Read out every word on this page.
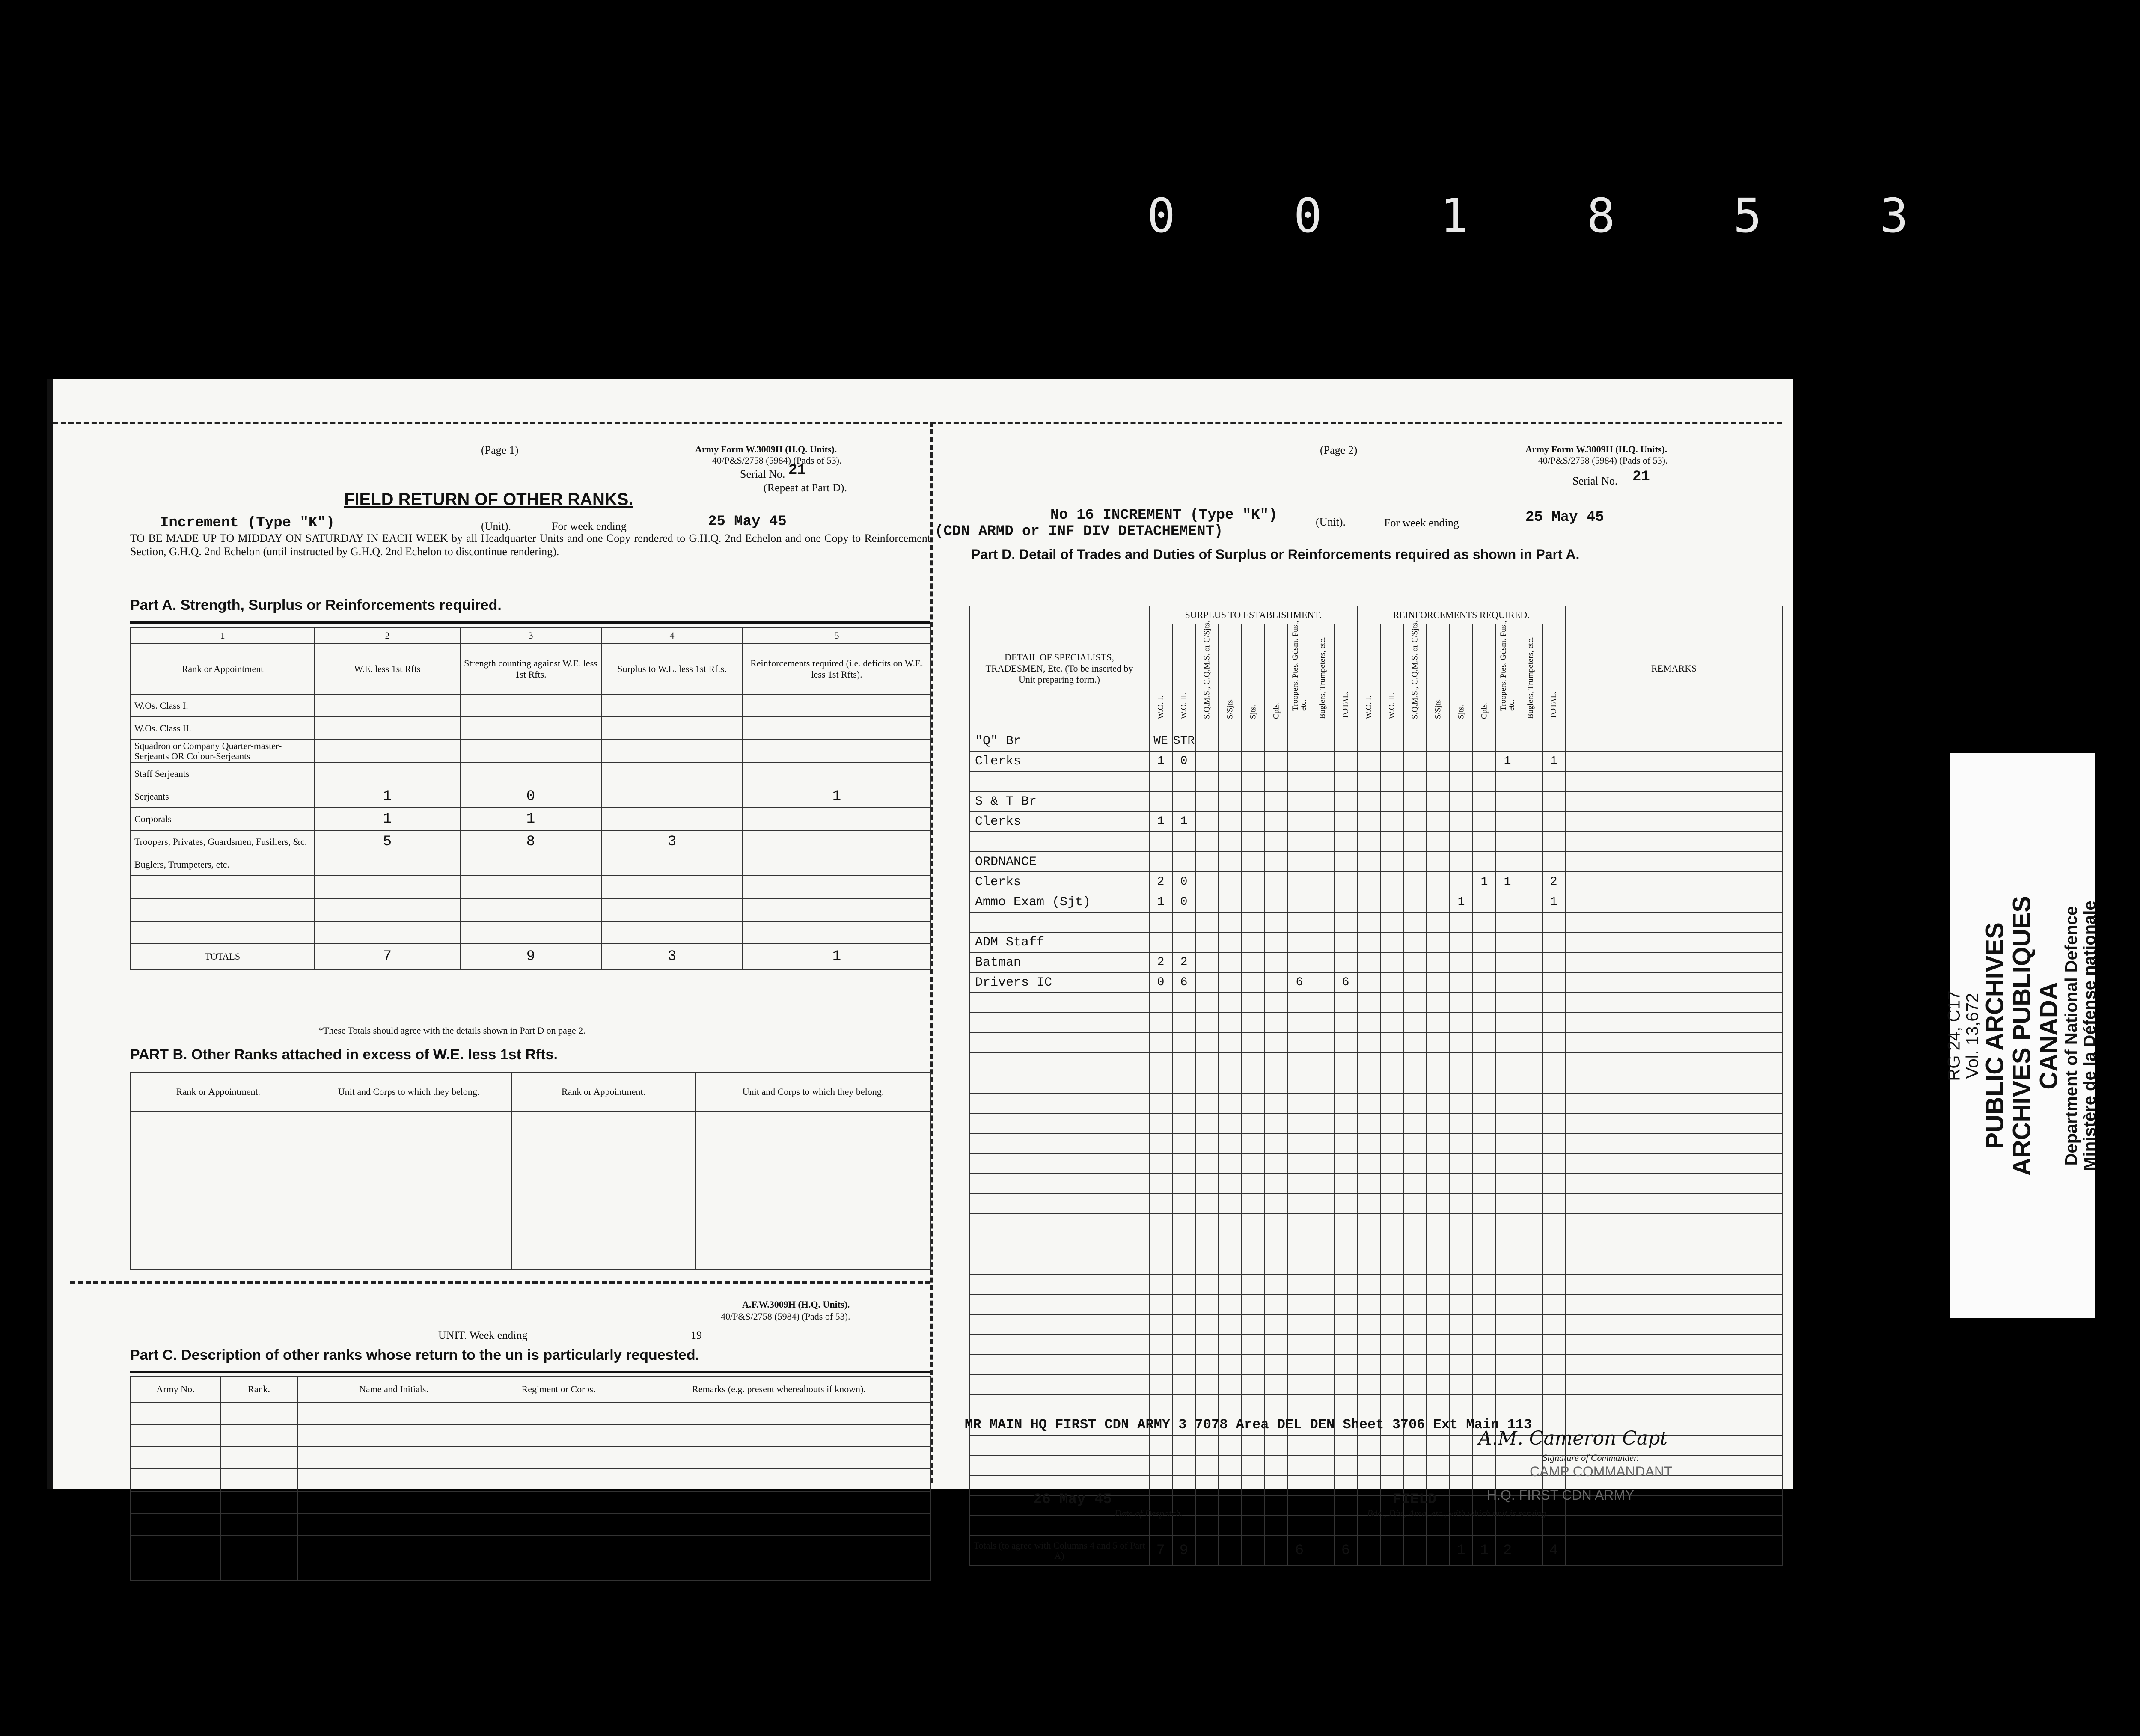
0 0 1 8 5 3
(Page 1)	Army Form W.3009H (H.Q. Units).
40/P&S/2758 (5984) (Pads of 53).
Serial No. 21
(Repeat at Part D).
FIELD RETURN OF OTHER RANKS.
Increment (Type "K")	(Unit).	For week ending	25 May 45
TO BE MADE UP TO MIDDAY ON SATURDAY IN EACH WEEK by all Headquarter Units and one Copy rendered to G.H.Q. 2nd Echelon and one Copy to Reinforcement Section, G.H.Q. 2nd Echelon (until instructed by G.H.Q. 2nd Echelon to discontinue rendering).
Part A. Strength, Surplus or Reinforcements required.
1	2	3	4	5
Rank or Appointment	W.E. less 1st Rfts	Strength counting against W.E. less 1st Rfts.	Surplus to W.E. less 1st Rfts.	Reinforcements required (i.e. deficits on W.E. less 1st Rfts).
W.Os. Class I.				
W.Os. Class II.				
Squadron or Company Quarter-master-Serjeants OR Colour-Serjeants				
Staff Serjeants				
Serjeants	1	0		1
Corporals	1	1		
Troopers, Privates, Guardsmen, Fusiliers, &c.	5	8	3	
Buglers, Trumpeters, etc.				

TOTALS	7	9	3	1
*These Totals should agree with the details shown in Part D on page 2.
PART B. Other Ranks attached in excess of W.E. less 1st Rfts.
Rank or Appointment.	Unit and Corps to which they belong.	Rank or Appointment.	Unit and Corps to which they belong.

A.F.W.3009H (H.Q. Units).
40/P&S/2758 (5984) (Pads of 53).
UNIT. Week ending	19
Part C. Description of other ranks whose return to the un is particularly requested.
Army No.	Rank.	Name and Initials.	Regiment or Corps.	Remarks (e.g. present whereabouts if known).

(Page 2)	Army Form W.3009H (H.Q. Units).
40/P&S/2758 (5984) (Pads of 53).
Serial No. 21
No 16 INCREMENT (Type "K")
(CDN ARMD or INF DIV DETACHEMENT)
(Unit).	For week ending	25 May 45
Part D. Detail of Trades and Duties of Surplus or Reinforcements required as shown in Part A.
DETAIL OF SPECIALISTS, TRADESMEN, Etc. (To be inserted by Unit preparing form.)	SURPLUS TO ESTABLISHMENT.									REINFORCEMENTS REQUIRED.									REMARKS

	W.O. I.	W.O. II.	S.Q.M.S., C.Q.M.S. or C/Sjts.	S/Sjts.	Sjts.	Cpls.	Troopers, Ptes. Gdsm. Fus., etc.	Buglers, Trumpeters, etc.	TOTAL.	W.O. I.	W.O. II.	S.Q.M.S., C.Q.M.S. or C/Sjts.	S/Sjts.	Sjts.	Cpls.	Troopers, Ptes. Gdsm. Fus., etc.	Buglers, Trumpeters, etc.	TOTAL.	

"Q" Br	WE	STR																	
Clerks	1	0														1		1	

S & T Br																			
Clerks	1	1																	

ORDNANCE																			
Clerks	2	0													1	1		2	
Ammo Exam (Sjt)	1	0												1				1	

ADM Staff																			
Batman	2	2																	
Drivers IC	0	6					6		6										

Totals (to agree with Columns 4 and 5 of Part A)	7	9					6		6					1	1	2		4	
MR MAIN HQ FIRST CDN ARMY 3 7078 Area DEL DEN Sheet 3706 Ext Main 113
A.M. Cameron Capt
Signature of Commander.
CAMP COMMANDANT
26 May 45
Date of Despatch.
FIELD	H.Q. FIRST CDN ARMY
Bde., Div., Area, etc., with which unit is serving.
RG 24, C17 Vol. 13,672
PUBLIC ARCHIVES
ARCHIVES PUBLIQUES
CANADA
Department of National Defence Ministère de la Défense nationale
